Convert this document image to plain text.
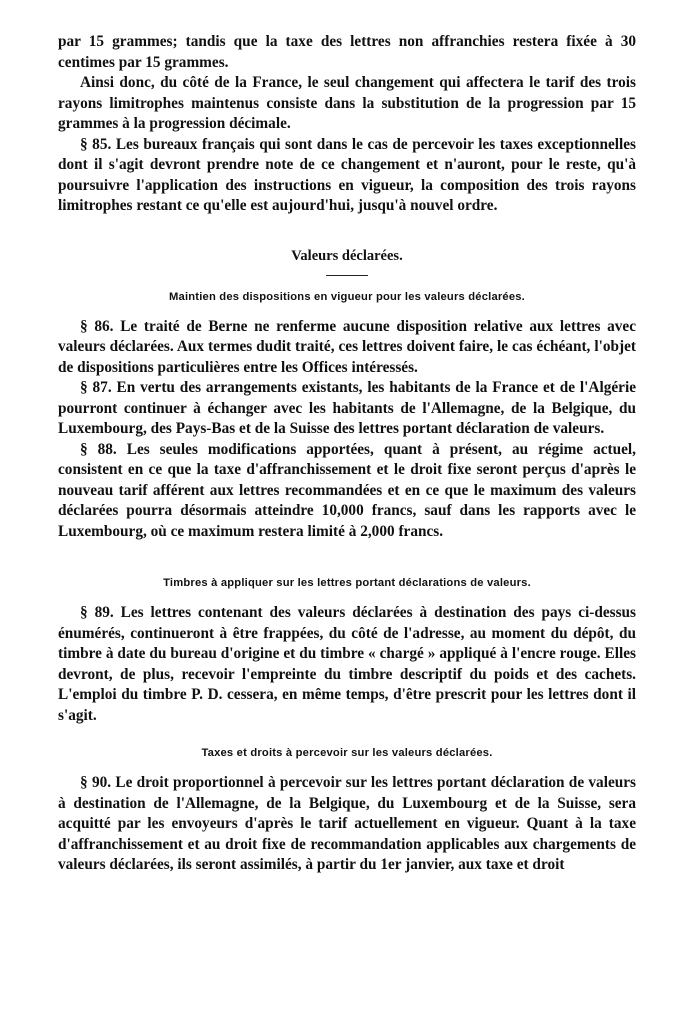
par 15 grammes; tandis que la taxe des lettres non affranchies restera fixée à 30 centimes par 15 grammes.

Ainsi donc, du côté de la France, le seul changement qui affectera le tarif des trois rayons limitrophes maintenus consiste dans la substitution de la progression par 15 grammes à la progression décimale.

§ 85. Les bureaux français qui sont dans le cas de percevoir les taxes exceptionnelles dont il s'agit devront prendre note de ce changement et n'auront, pour le reste, qu'à poursuivre l'application des instructions en vigueur, la composition des trois rayons limitrophes restant ce qu'elle est aujourd'hui, jusqu'à nouvel ordre.

Valeurs déclarées.
Maintien des dispositions en vigueur pour les valeurs déclarées.

§ 86. Le traité de Berne ne renferme aucune disposition relative aux lettres avec valeurs déclarées. Aux termes dudit traité, ces lettres doivent faire, le cas échéant, l'objet de dispositions particulières entre les Offices intéressés.

§ 87. En vertu des arrangements existants, les habitants de la France et de l'Algérie pourront continuer à échanger avec les habitants de l'Allemagne, de la Belgique, du Luxembourg, des Pays-Bas et de la Suisse des lettres portant déclaration de valeurs.

§ 88. Les seules modifications apportées, quant à présent, au régime actuel, consistent en ce que la taxe d'affranchissement et le droit fixe seront perçus d'après le nouveau tarif afférent aux lettres recommandées et en ce que le maximum des valeurs déclarées pourra désormais atteindre 10,000 francs, sauf dans les rapports avec le Luxembourg, où ce maximum restera limité à 2,000 francs.

Timbres à appliquer sur les lettres portant déclarations de valeurs.

§ 89. Les lettres contenant des valeurs déclarées à destination des pays ci-dessus énumérés, continueront à être frappées, du côté de l'adresse, au moment du dépôt, du timbre à date du bureau d'origine et du timbre « chargé » appliqué à l'encre rouge. Elles devront, de plus, recevoir l'empreinte du timbre descriptif du poids et des cachets. L'emploi du timbre P. D. cessera, en même temps, d'être prescrit pour les lettres dont il s'agit.

Taxes et droits à percevoir sur les valeurs déclarées.

§ 90. Le droit proportionnel à percevoir sur les lettres portant déclaration de valeurs à destination de l'Allemagne, de la Belgique, du Luxembourg et de la Suisse, sera acquitté par les envoyeurs d'après le tarif actuellement en vigueur. Quant à la taxe d'affranchissement et au droit fixe de recommandation applicables aux chargements de valeurs déclarées, ils seront assimilés, à partir du 1er janvier, aux taxe et droit
